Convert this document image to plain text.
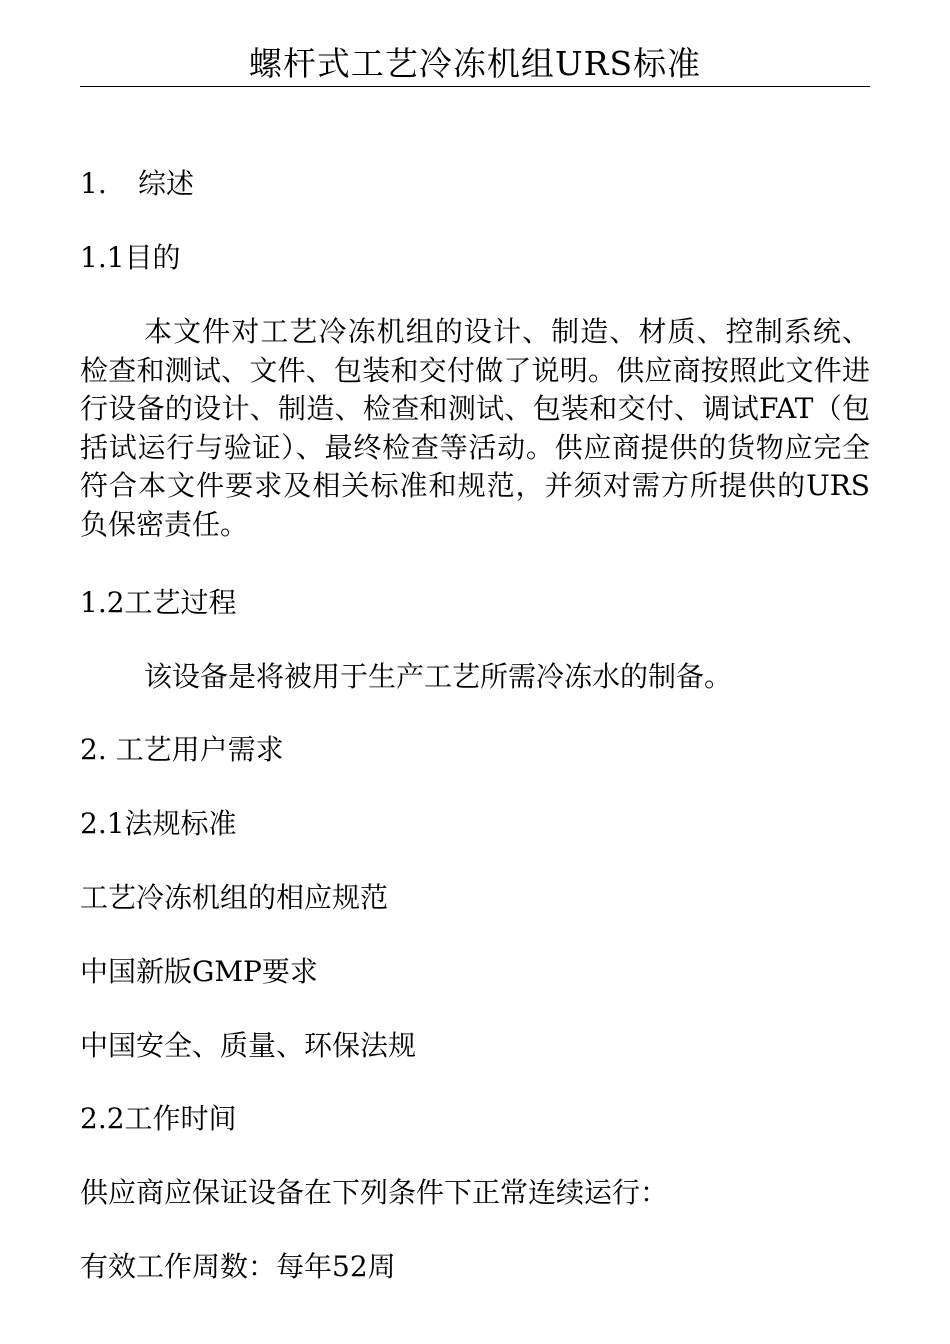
螺杆式工艺冷冻机组URS标准
1. 综述
1.1目的
本文件对工艺冷冻机组的设计、制造、材质、控制系统、检查和测试、文件、包装和交付做了说明。供应商按照此文件进行设备的设计、制造、检查和测试、包装和交付、调试FAT（包括试运行与验证）、最终检查等活动。供应商提供的货物应完全符合本文件要求及相关标准和规范，并须对需方所提供的URS负保密责任。
1.2工艺过程
该设备是将被用于生产工艺所需冷冻水的制备。
2. 工艺用户需求
2.1法规标准
工艺冷冻机组的相应规范
中国新版GMP要求
中国安全、质量、环保法规
2.2工作时间
供应商应保证设备在下列条件下正常连续运行：
有效工作周数：每年52周
